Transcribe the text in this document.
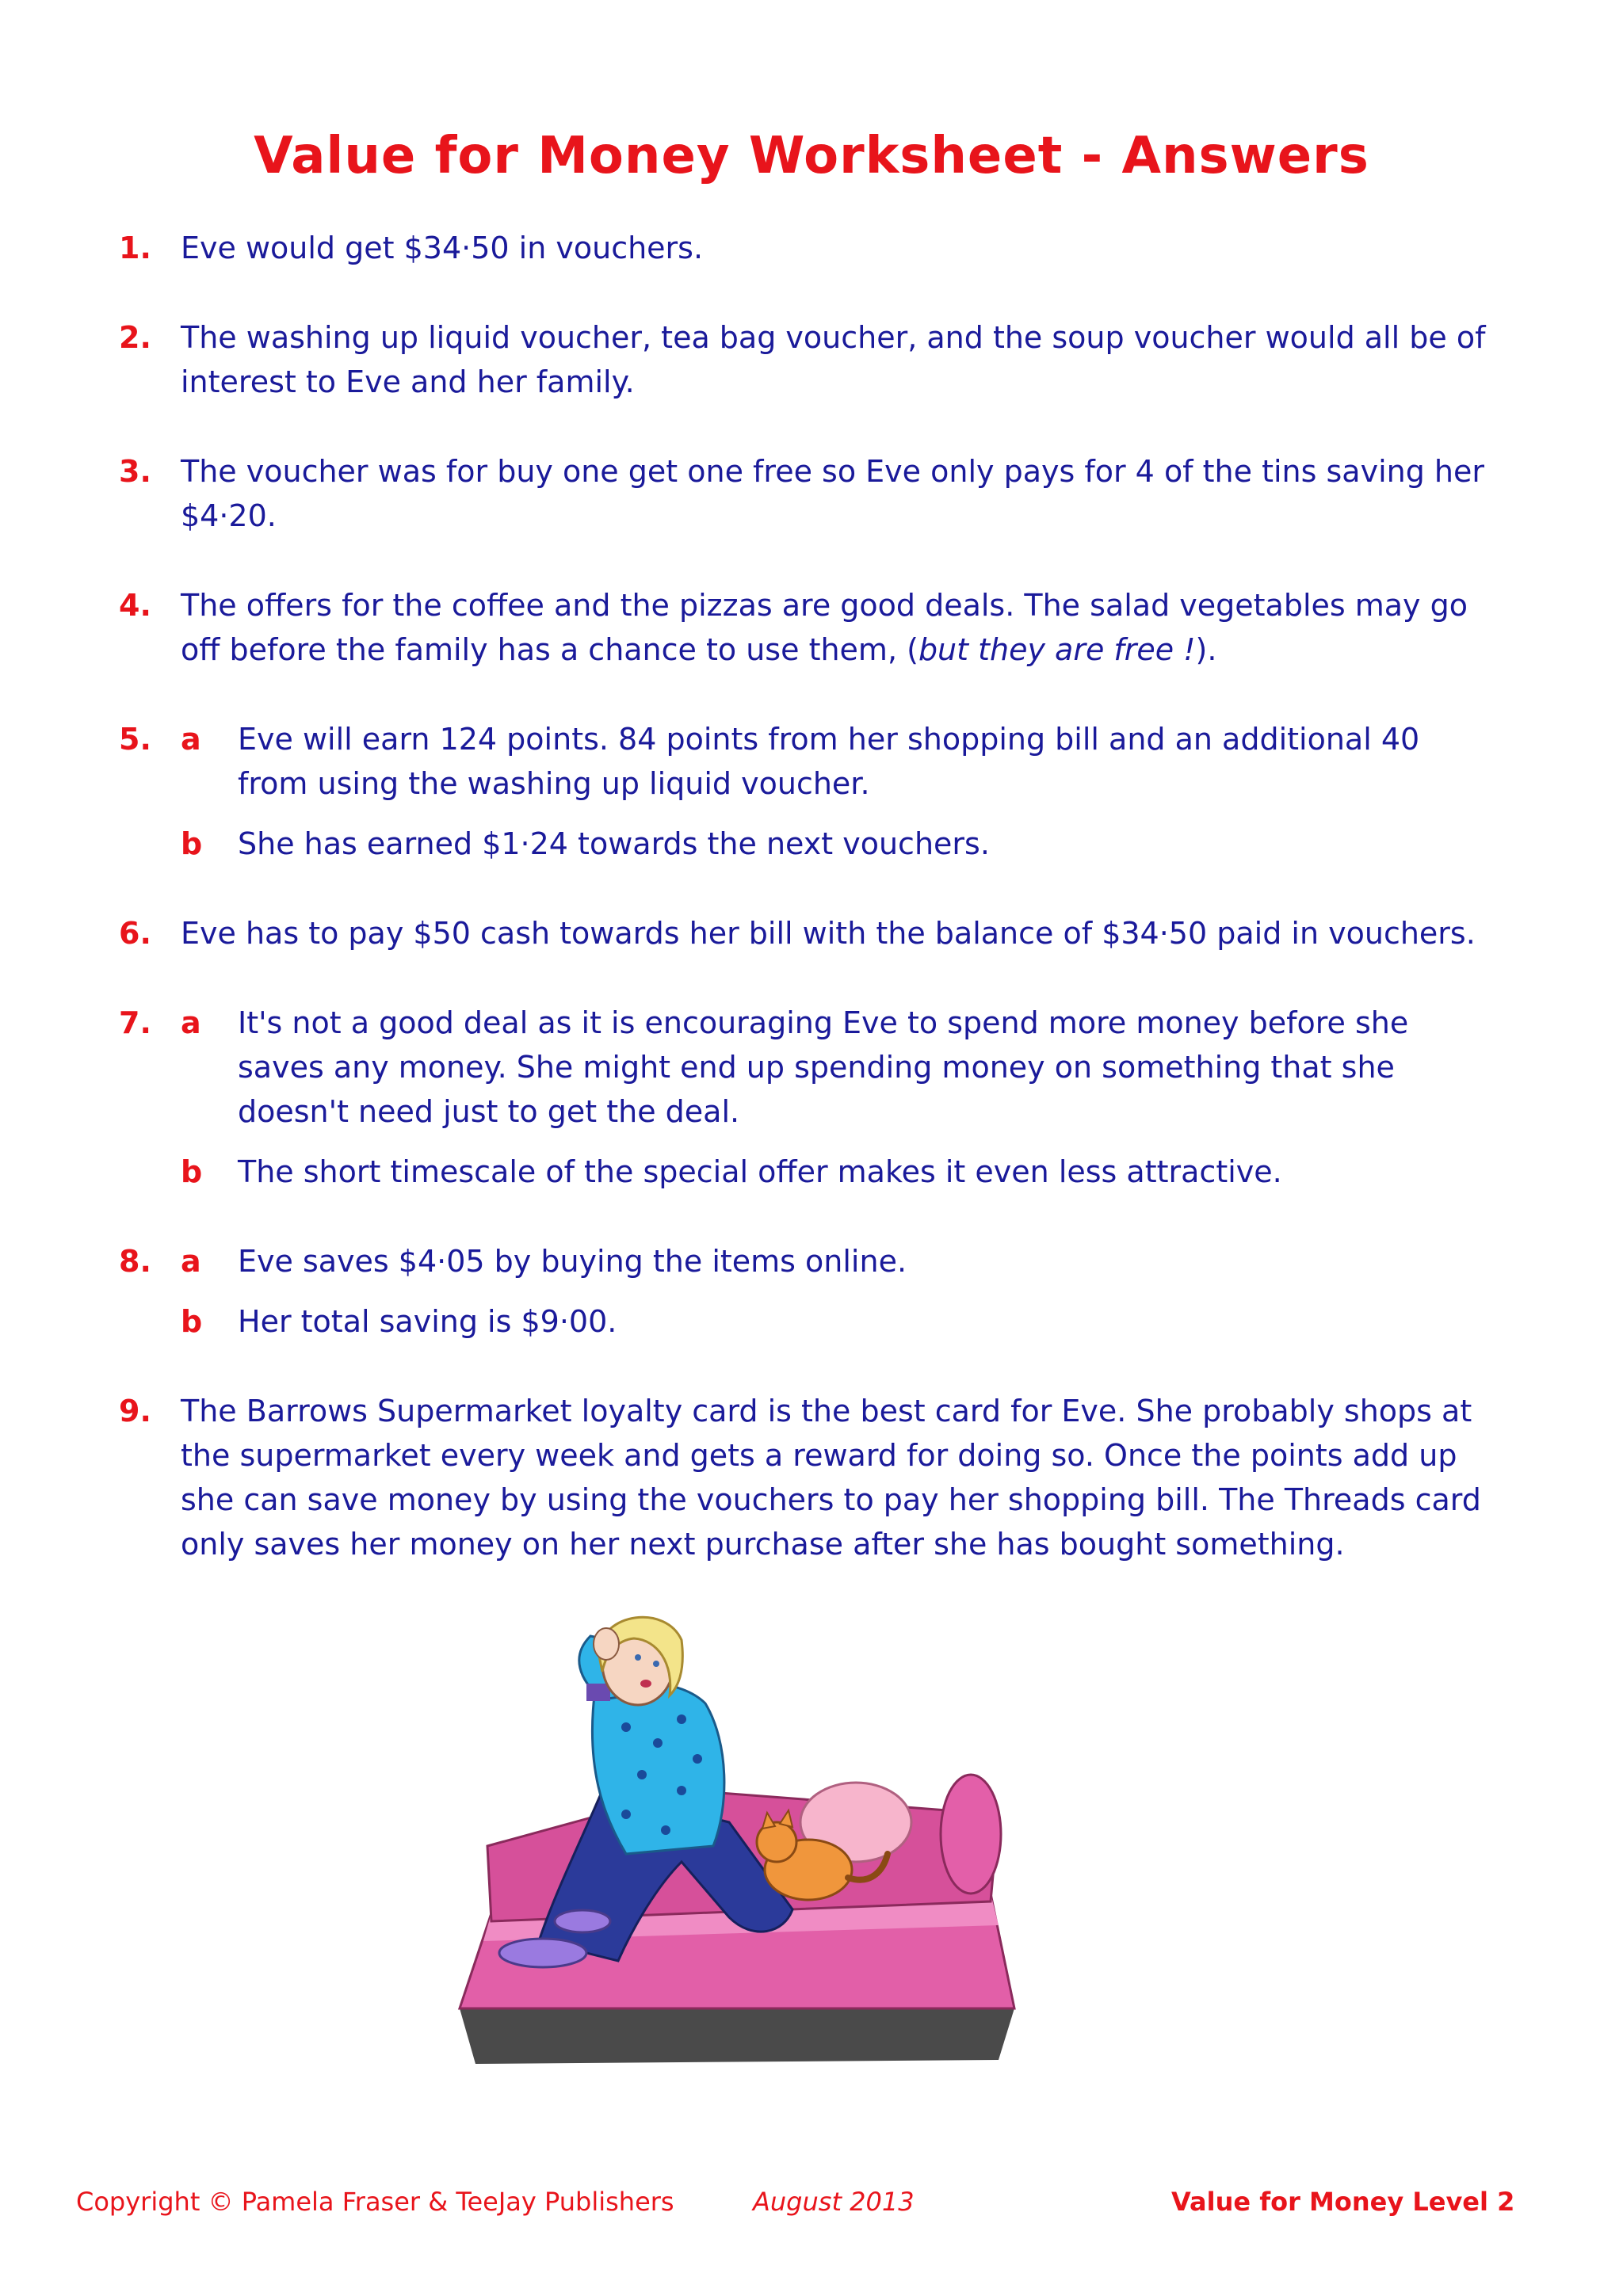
Value for Money Worksheet - Answers
1. Eve would get $34·50 in vouchers.
2. The washing up liquid voucher, tea bag voucher, and the soup voucher would all be of interest to Eve and her family.
3. The voucher was for buy one get one free so Eve only pays for 4 of the tins saving her $4·20.
4. The offers for the coffee and the pizzas are good deals. The salad vegetables may go off before the family has a chance to use them, (but they are free !).
5. a Eve will earn 124 points. 84 points from her shopping bill and an additional 40 from using the washing up liquid voucher.
b She has earned $1·24 towards the next vouchers.
6. Eve has to pay $50 cash towards her bill with the balance of $34·50 paid in vouchers.
7. a It's not a good deal as it is encouraging Eve to spend more money before she saves any money. She might end up spending money on something that she doesn't need just to get the deal.
b The short timescale of the special offer makes it even less attractive.
8. a Eve saves $4·05 by buying the items online.
b Her total saving is $9·00.
9. The Barrows Supermarket loyalty card is the best card for Eve. She probably shops at the supermarket every week and gets a reward for doing so. Once the points add up she can save money by using the vouchers to pay her shopping bill. The Threads card only saves her money on her next purchase after she has bought something.
Copyright © Pamela Fraser & TeeJay Publishers	August 2013	Value for Money Level 2
